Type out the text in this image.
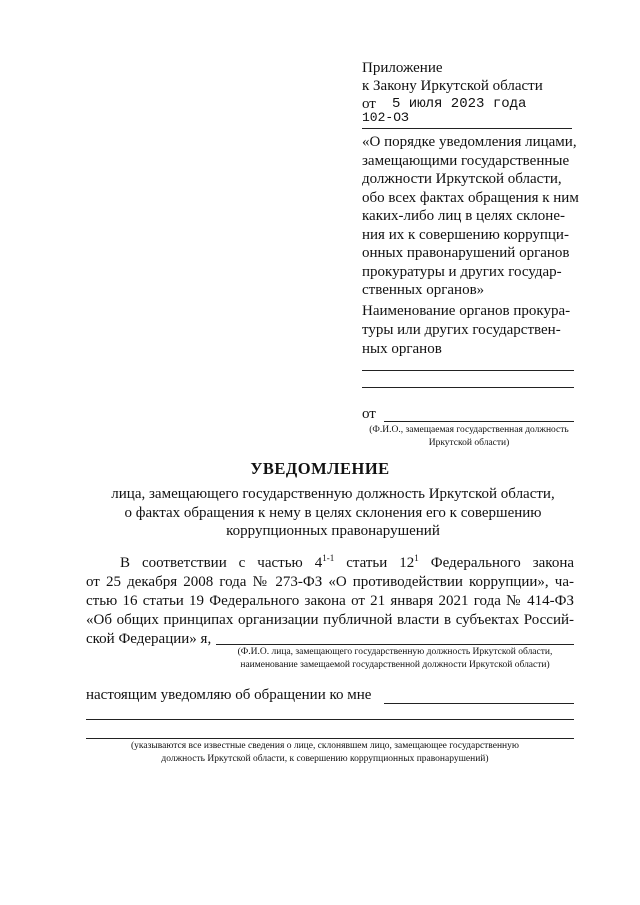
Приложение
к Закону Иркутской области
от 5 июля 2023 года
102-ОЗ
«О порядке уведомления лицами,
замещающими государственные
должности Иркутской области,
обо всех фактах обращения к ним
каких-либо лиц в целях склоне-
ния их к совершению коррупци-
онных правонарушений органов
прокуратуры и других государ-
ственных органов»
Наименование органов прокура-
туры или других государствен-
ных органов
от
(Ф.И.О., замещаемая государственная должность
Иркутской области)
УВЕДОМЛЕНИЕ
лица, замещающего государственную должность Иркутской области,
о фактах обращения к нему в целях склонения его к совершению
коррупционных правонарушений
В соответствии с частью 4$^{1-1}$ статьи $12^1$ Федерального закона
от 25 декабря 2008 года № 273-ФЗ «О противодействии коррупции», ча-
стью 16 статьи 19 Федерального закона от 21 января 2021 года № 414-ФЗ
«Об общих принципах организации публичной власти в субъектах Россий-
ской Федерации» я,
(Ф.И.О. лица, замещающего государственную должность Иркутской области,
наименование замещаемой государственной должности Иркутской области)
настоящим уведомляю об обращении ко мне
(указываются все известные сведения о лице, склонявшем лицо, замещающее государственную
должность Иркутской области, к совершению коррупционных правонарушений)
